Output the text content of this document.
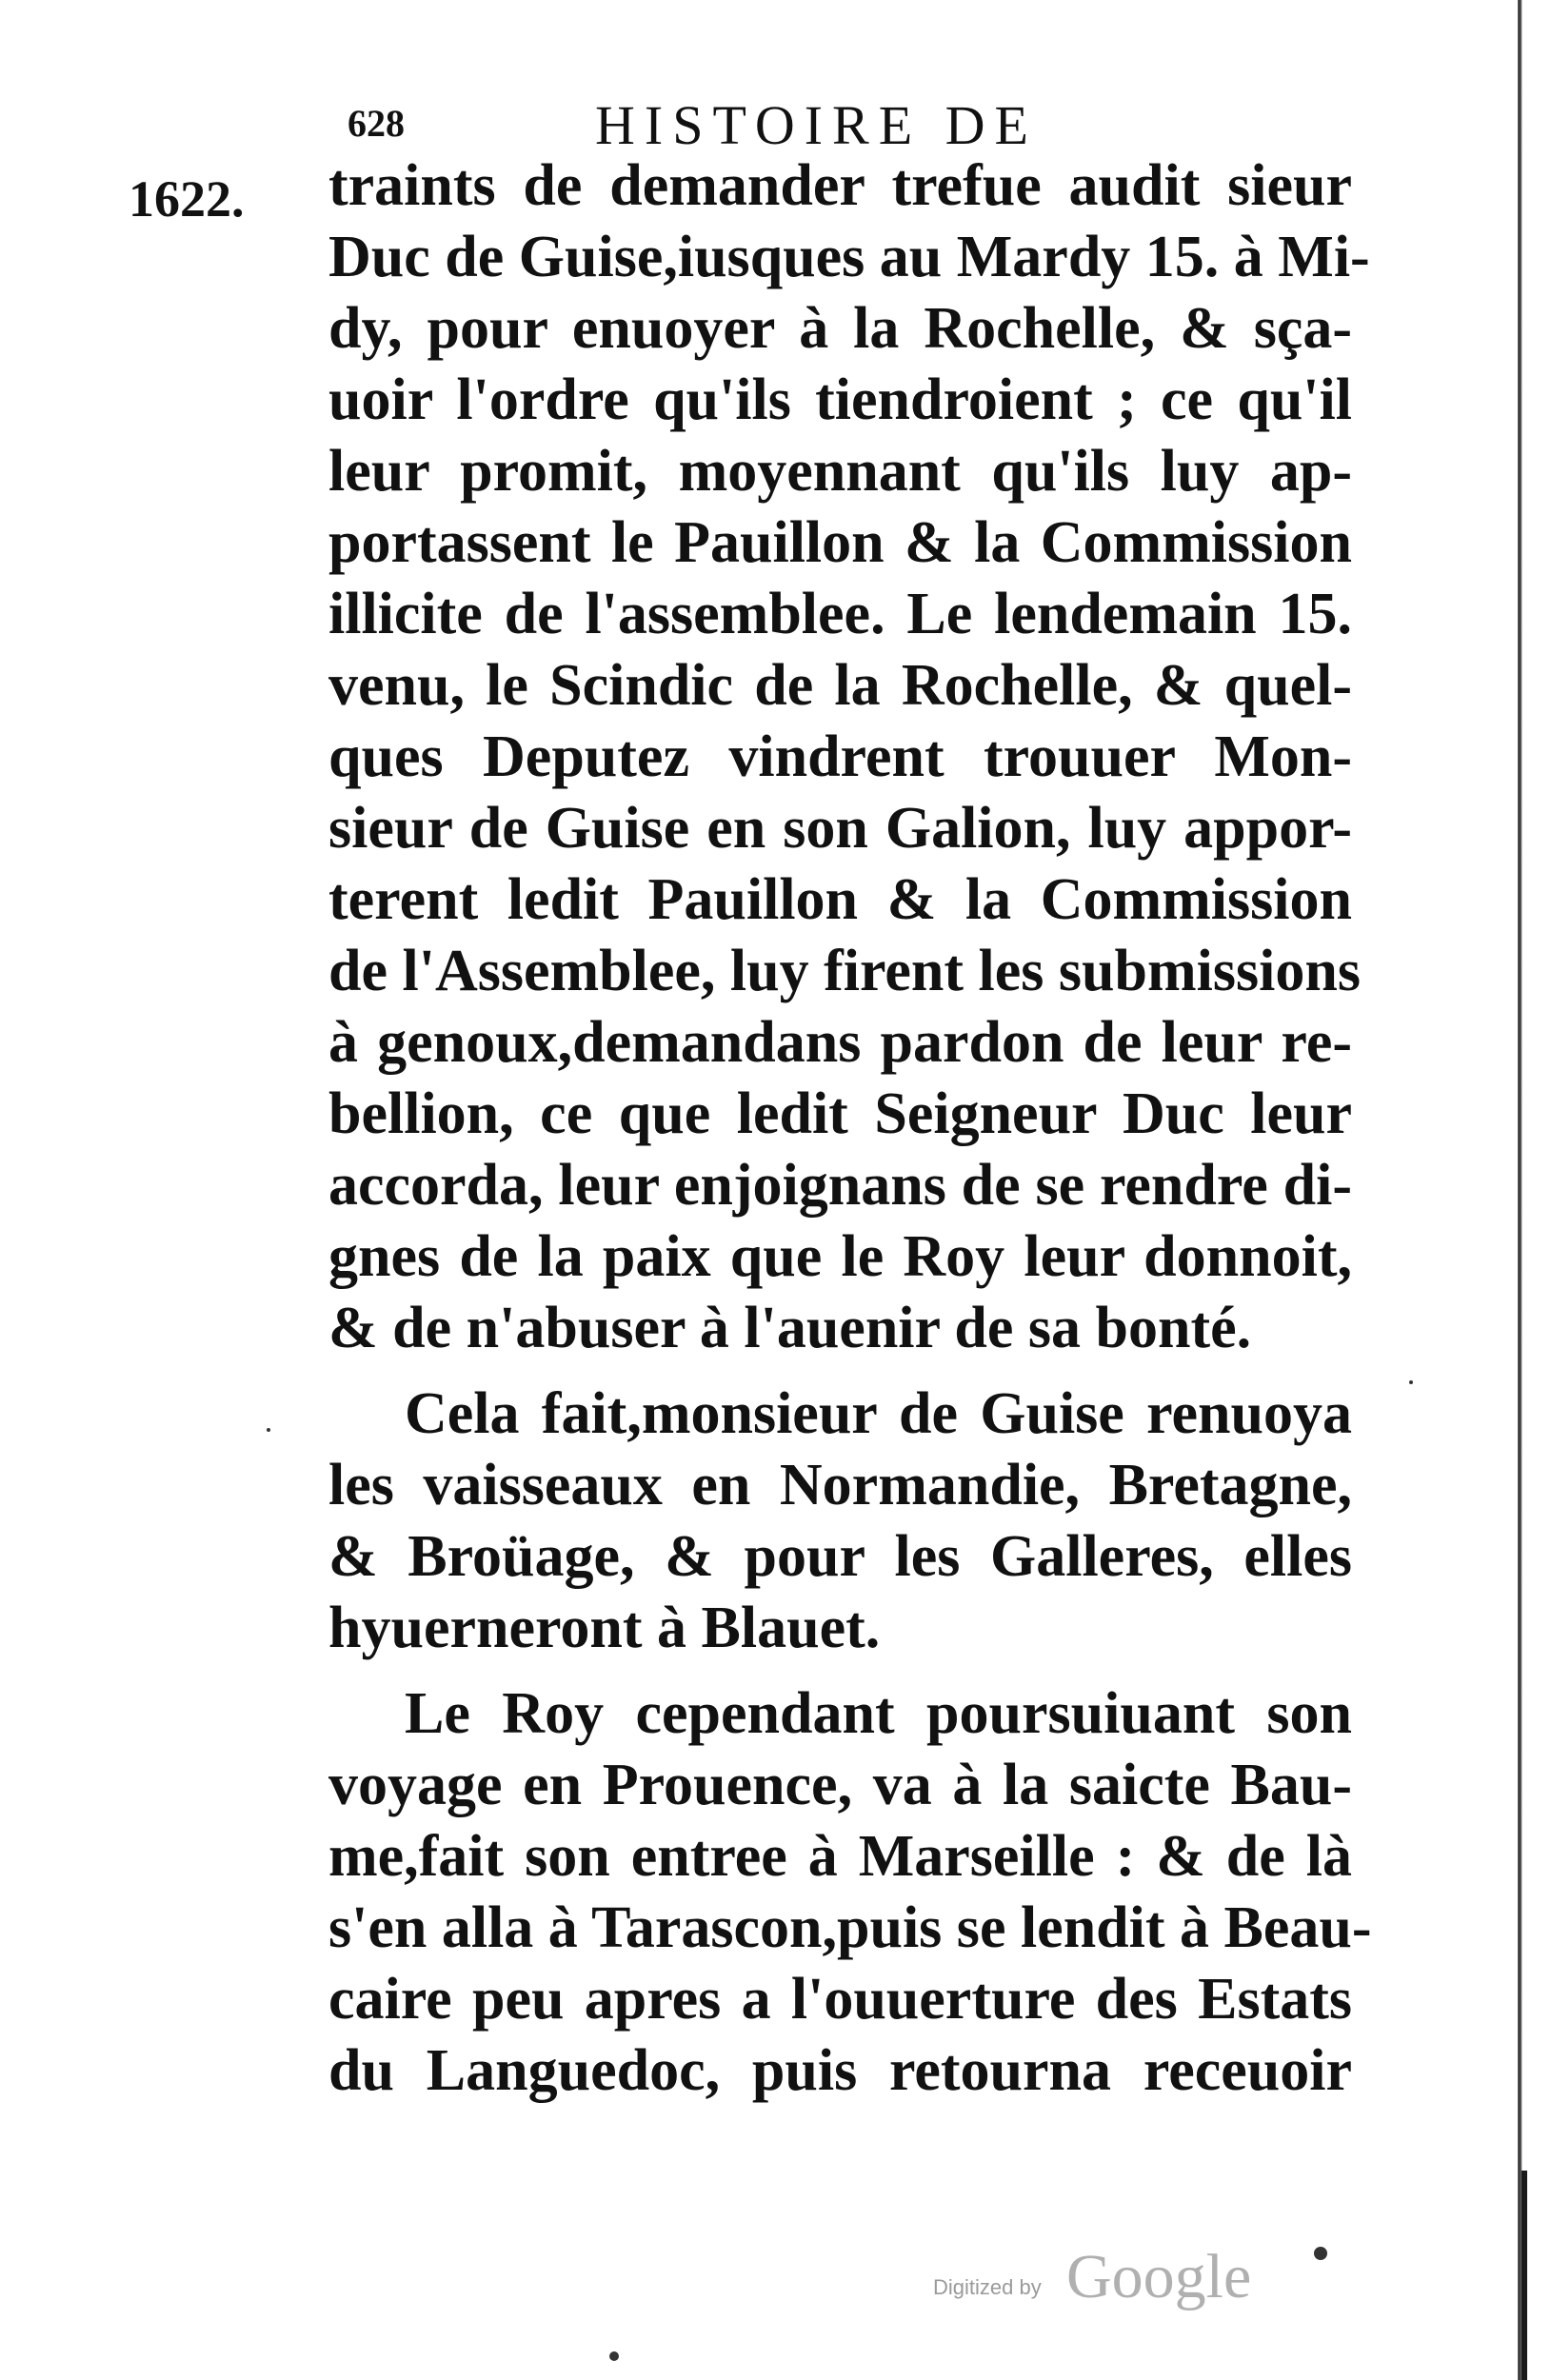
628	HISTOIRE DE
1622. traints de demander trefue audit sieur
Duc de Guise,iusques au Mardy 15. à Mi-
dy, pour enuoyer à la Rochelle, & sça-
uoir l'ordre qu'ils tiendroient ; ce qu'il
leur promit, moyennant qu'ils luy ap-
portassent le Pauillon & la Commission
illicite de l'assemblee. Le lendemain 15.
venu, le Scindic de la Rochelle, & quel-
ques Deputez vindrent trouuer Mon-
sieur de Guise en son Galion, luy appor-
terent ledit Pauillon & la Commission
de l'Assemblee, luy firent les submissions
à genoux,demandans pardon de leur re-
bellion, ce que ledit Seigneur Duc leur
accorda, leur enjoignans de se rendre di-
gnes de la paix que le Roy leur donnoit,
& de n'abuser à l'auenir de sa bonté.
Cela fait,monsieur de Guise renuoya
les vaisseaux en Normandie, Bretagne,
& Broüage, & pour les Galleres, elles
hyuerneront à Blauet.
Le Roy cependant poursuiuant son
voyage en Prouence, va à la saicte Bau-
me,fait son entree à Marseille : & de là
s'en alla à Tarascon,puis se lendit à Beau-
caire peu apres a l'ouuerture des Estats
du Languedoc, puis retourna receuoir
Digitized by Google
